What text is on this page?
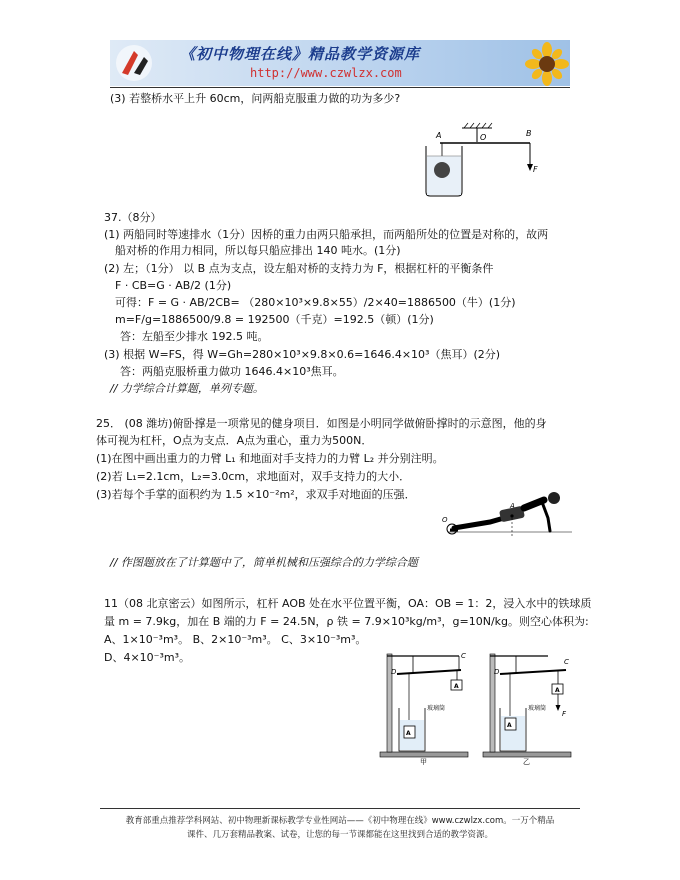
《初中物理在线》精品教学资源库
http://www.czwlzx.com
(3) 若整桥水平上升 60cm，问两船克服重力做的功为多少?
A	O	B
F
37.（8分）
(1) 两船同时等速排水（1分）因桥的重力由两只船承担，而两船所处的位置是对称的，故两
船对桥的作用力相同，所以每只船应排出 140 吨水。(1分)
(2) 左；（1分） 以 B 点为支点，设左船对桥的支持力为 F，根据杠杆的平衡条件
F · CB=G · AB/2 (1分)
可得：F = G · AB/2CB= （280×10³×9.8×55）/2×40=1886500（牛）(1分)
m=F/g=1886500/9.8 = 192500（千克）=192.5（顿）(1分)
答：左船至少排水 192.5 吨。
(3) 根据 W=FS，得 W=Gh=280×10³×9.8×0.6=1646.4×10³（焦耳）(2分)
答：两船克服桥重力做功 1646.4×10³焦耳。
// 力学综合计算题，单列专题。
25． (08 潍坊)俯卧撑是一项常见的健身项目．如图是小明同学做俯卧撑时的示意图，他的身
体可视为杠杆，O点为支点．A点为重心，重力为500N．
(1)在图中画出重力的力臂 L₁ 和地面对手支持力的力臂 L₂ 并分别注明。
(2)若 L₁=2.1cm，L₂=3.0cm，求地面对，双手支持力的大小．
(3)若每个手掌的面积约为 1.5 ×10⁻²m²，求双手对地面的压强．
O
A
// 作图题放在了计算题中了，简单机械和压强综合的力学综合题
11（08 北京密云）如图所示，杠杆 AOB 处在水平位置平衡，OA：OB = 1：2，浸入水中的铁球质
量 m = 7.9kg，加在 B 端的力 F = 24.5N，ρ 铁 = 7.9×10³kg/m³，g=10N/kg。则空心体积为:
A、1×10⁻³m³。 B、2×10⁻³m³。 C、3×10⁻³m³。
D、4×10⁻³m³。	C
D
A
A
玻璃筒
甲
C
D
A
A
玻璃筒
F
乙
教育部重点推荐学科网站、初中物理新课标教学专业性网站——《初中物理在线》www.czwlzx.com。一万个精品
课件、几万套精品教案、试卷，让您的每一节课都能在这里找到合适的教学资源。
